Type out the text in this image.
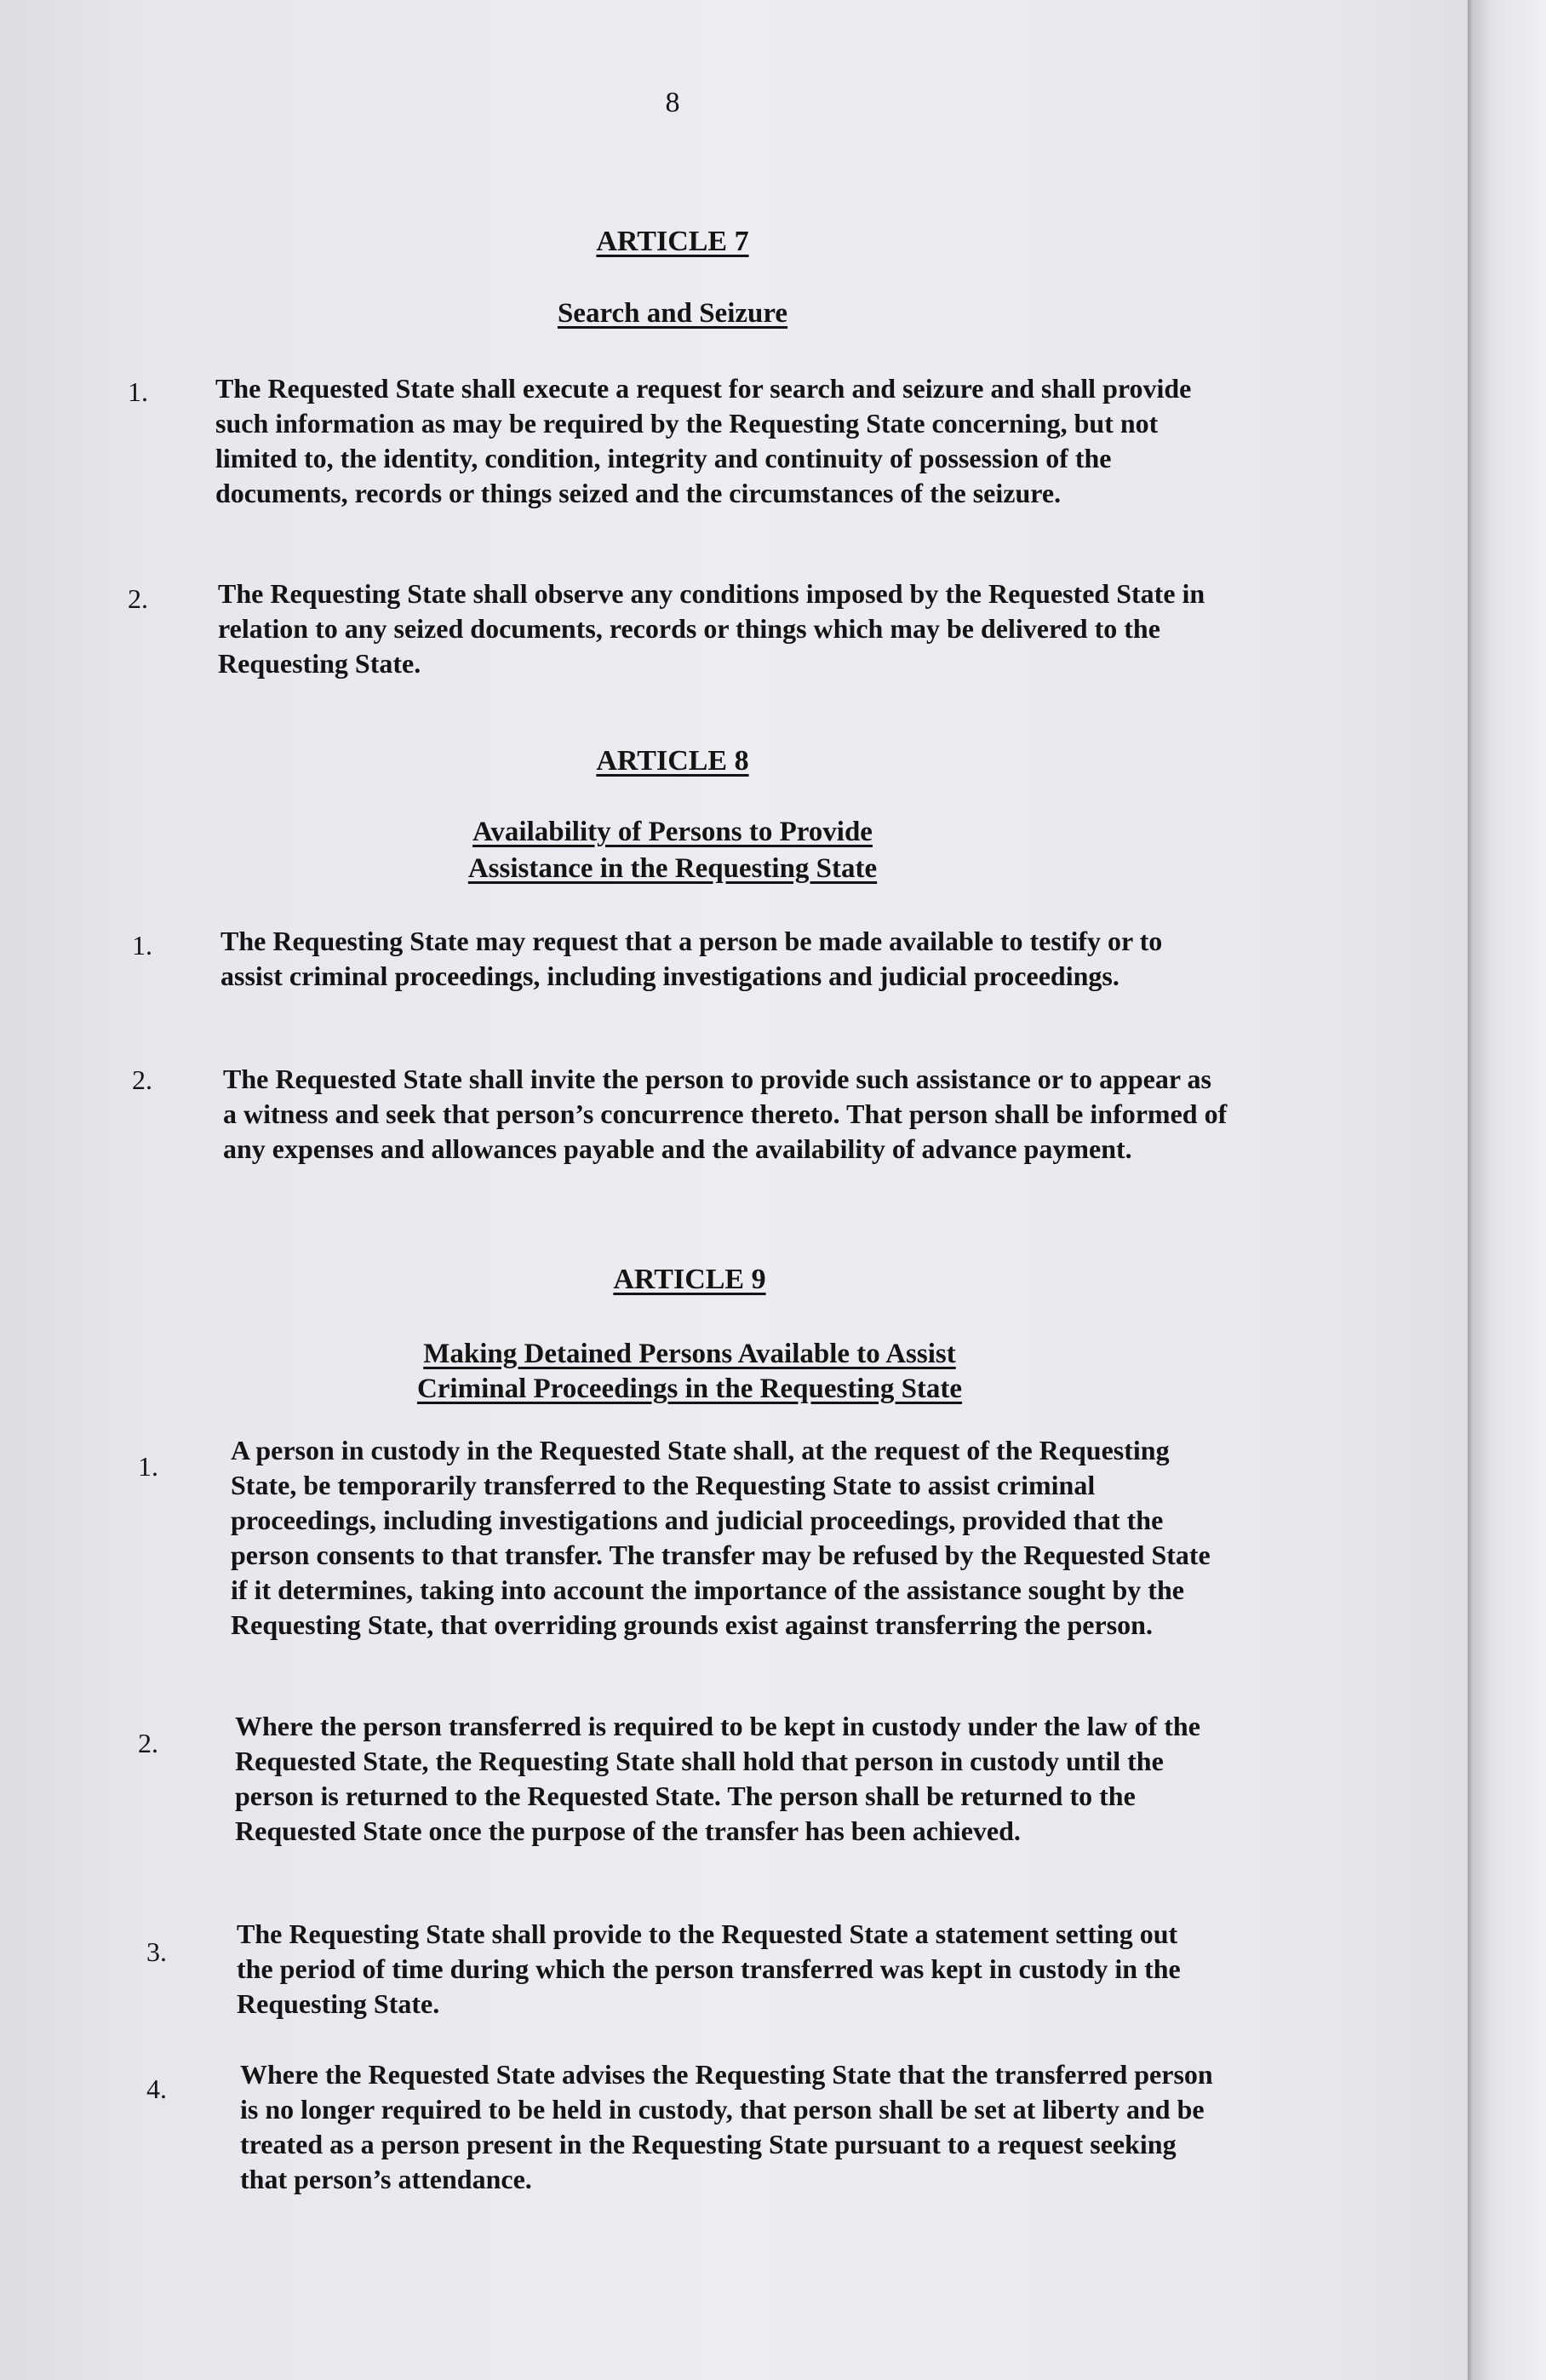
8
ARTICLE 7
Search and Seizure
1. The Requested State shall execute a request for search and seizure and shall provide such information as may be required by the Requesting State concerning, but not limited to, the identity, condition, integrity and continuity of possession of the documents, records or things seized and the circumstances of the seizure.
2.	The Requesting State shall observe any conditions imposed by the Requested State in relation to any seized documents, records or things which may be delivered to the Requesting State.
ARTICLE 8
Availability of Persons to Provide
Assistance in the Requesting State
1.	The Requesting State may request that a person be made available to testify or to assist criminal proceedings, including investigations and judicial proceedings.
2.	The Requested State shall invite the person to provide such assistance or to appear as a witness and seek that person’s concurrence thereto. That person shall be informed of any expenses and allowances payable and the availability of advance payment.
ARTICLE 9
Making Detained Persons Available to Assist
Criminal Proceedings in the Requesting State
1.
A person in custody in the Requested State shall, at the request of the Requesting State, be temporarily transferred to the Requesting State to assist criminal proceedings, including investigations and judicial proceedings, provided that the person consents to that transfer. The transfer may be refused by the Requested State if it determines, taking into account the importance of the assistance sought by the Requesting State, that overriding grounds exist against transferring the person.
2.
Where the person transferred is required to be kept in custody under the law of the Requested State, the Requesting State shall hold that person in custody until the person is returned to the Requested State. The person shall be returned to the Requested State once the purpose of the transfer has been achieved.
3.
The Requesting State shall provide to the Requested State a statement setting out the period of time during which the person transferred was kept in custody in the Requesting State.
4.	Where the Requested State advises the Requesting State that the transferred person is no longer required to be held in custody, that person shall be set at liberty and be treated as a person present in the Requesting State pursuant to a request seeking that person’s attendance.
